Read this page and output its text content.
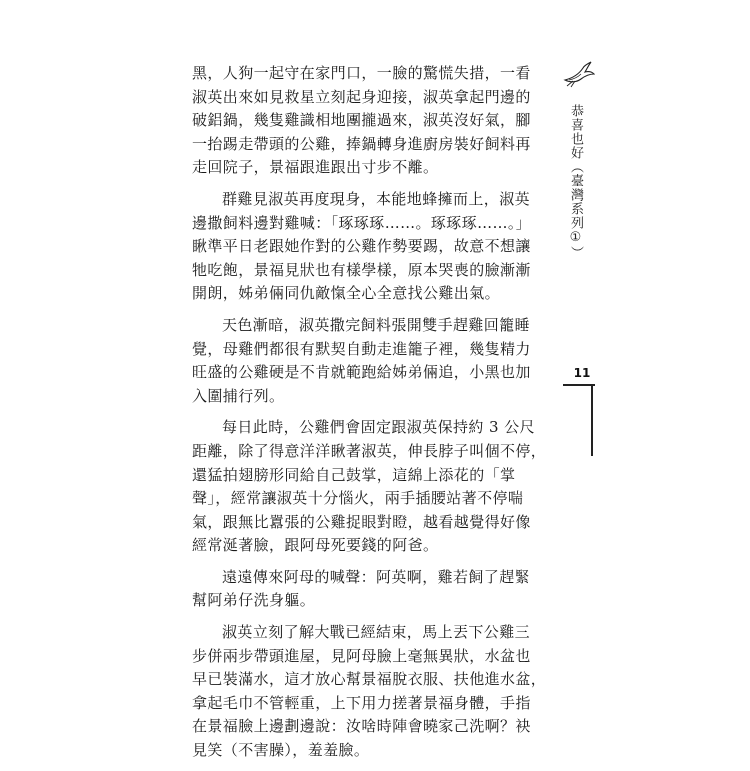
恭喜也好（臺灣系列①）
11
黑，人狗一起守在家門口，一臉的驚慌失措，一看
淑英出來如見救星立刻起身迎接，淑英拿起門邊的
破鋁鍋，幾隻雞識相地團攏過來，淑英沒好氣，腳
一抬踢走帶頭的公雞，捧鍋轉身進廚房裝好飼料再
走回院子，景福跟進跟出寸步不離。
群雞見淑英再度現身，本能地蜂擁而上，淑英
邊撒飼料邊對雞喊：「琢琢琢……。琢琢琢……。」
瞅準平日老跟她作對的公雞作勢要踢，故意不想讓
牠吃飽，景福見狀也有樣學樣，原本哭喪的臉漸漸
開朗，姊弟倆同仇敵愾全心全意找公雞出氣。
天色漸暗，淑英撒完飼料張開雙手趕雞回籠睡
覺，母雞們都很有默契自動走進籠子裡，幾隻精力
旺盛的公雞硬是不肯就範跑給姊弟倆追，小黑也加
入圍捕行列。
每日此時，公雞們會固定跟淑英保持約 3 公尺
距離，除了得意洋洋瞅著淑英，伸長脖子叫個不停，
還猛拍翅膀形同給自己鼓掌，這綿上添花的「掌
聲」，經常讓淑英十分惱火，兩手插腰站著不停喘
氣，跟無比囂張的公雞捉眼對瞪，越看越覺得好像
經常涎著臉，跟阿母死要錢的阿爸。
遠遠傳來阿母的喊聲：阿英啊，雞若飼了趕緊
幫阿弟仔洗身軀。
淑英立刻了解大戰已經結束，馬上丟下公雞三
步併兩步帶頭進屋，見阿母臉上毫無異狀，水盆也
早已裝滿水，這才放心幫景福脫衣服、扶他進水盆，
拿起毛巾不管輕重，上下用力搓著景福身體，手指
在景福臉上邊劃邊說：汝啥時陣會曉家己洗啊？袂
見笑（不害臊），羞羞臉。
